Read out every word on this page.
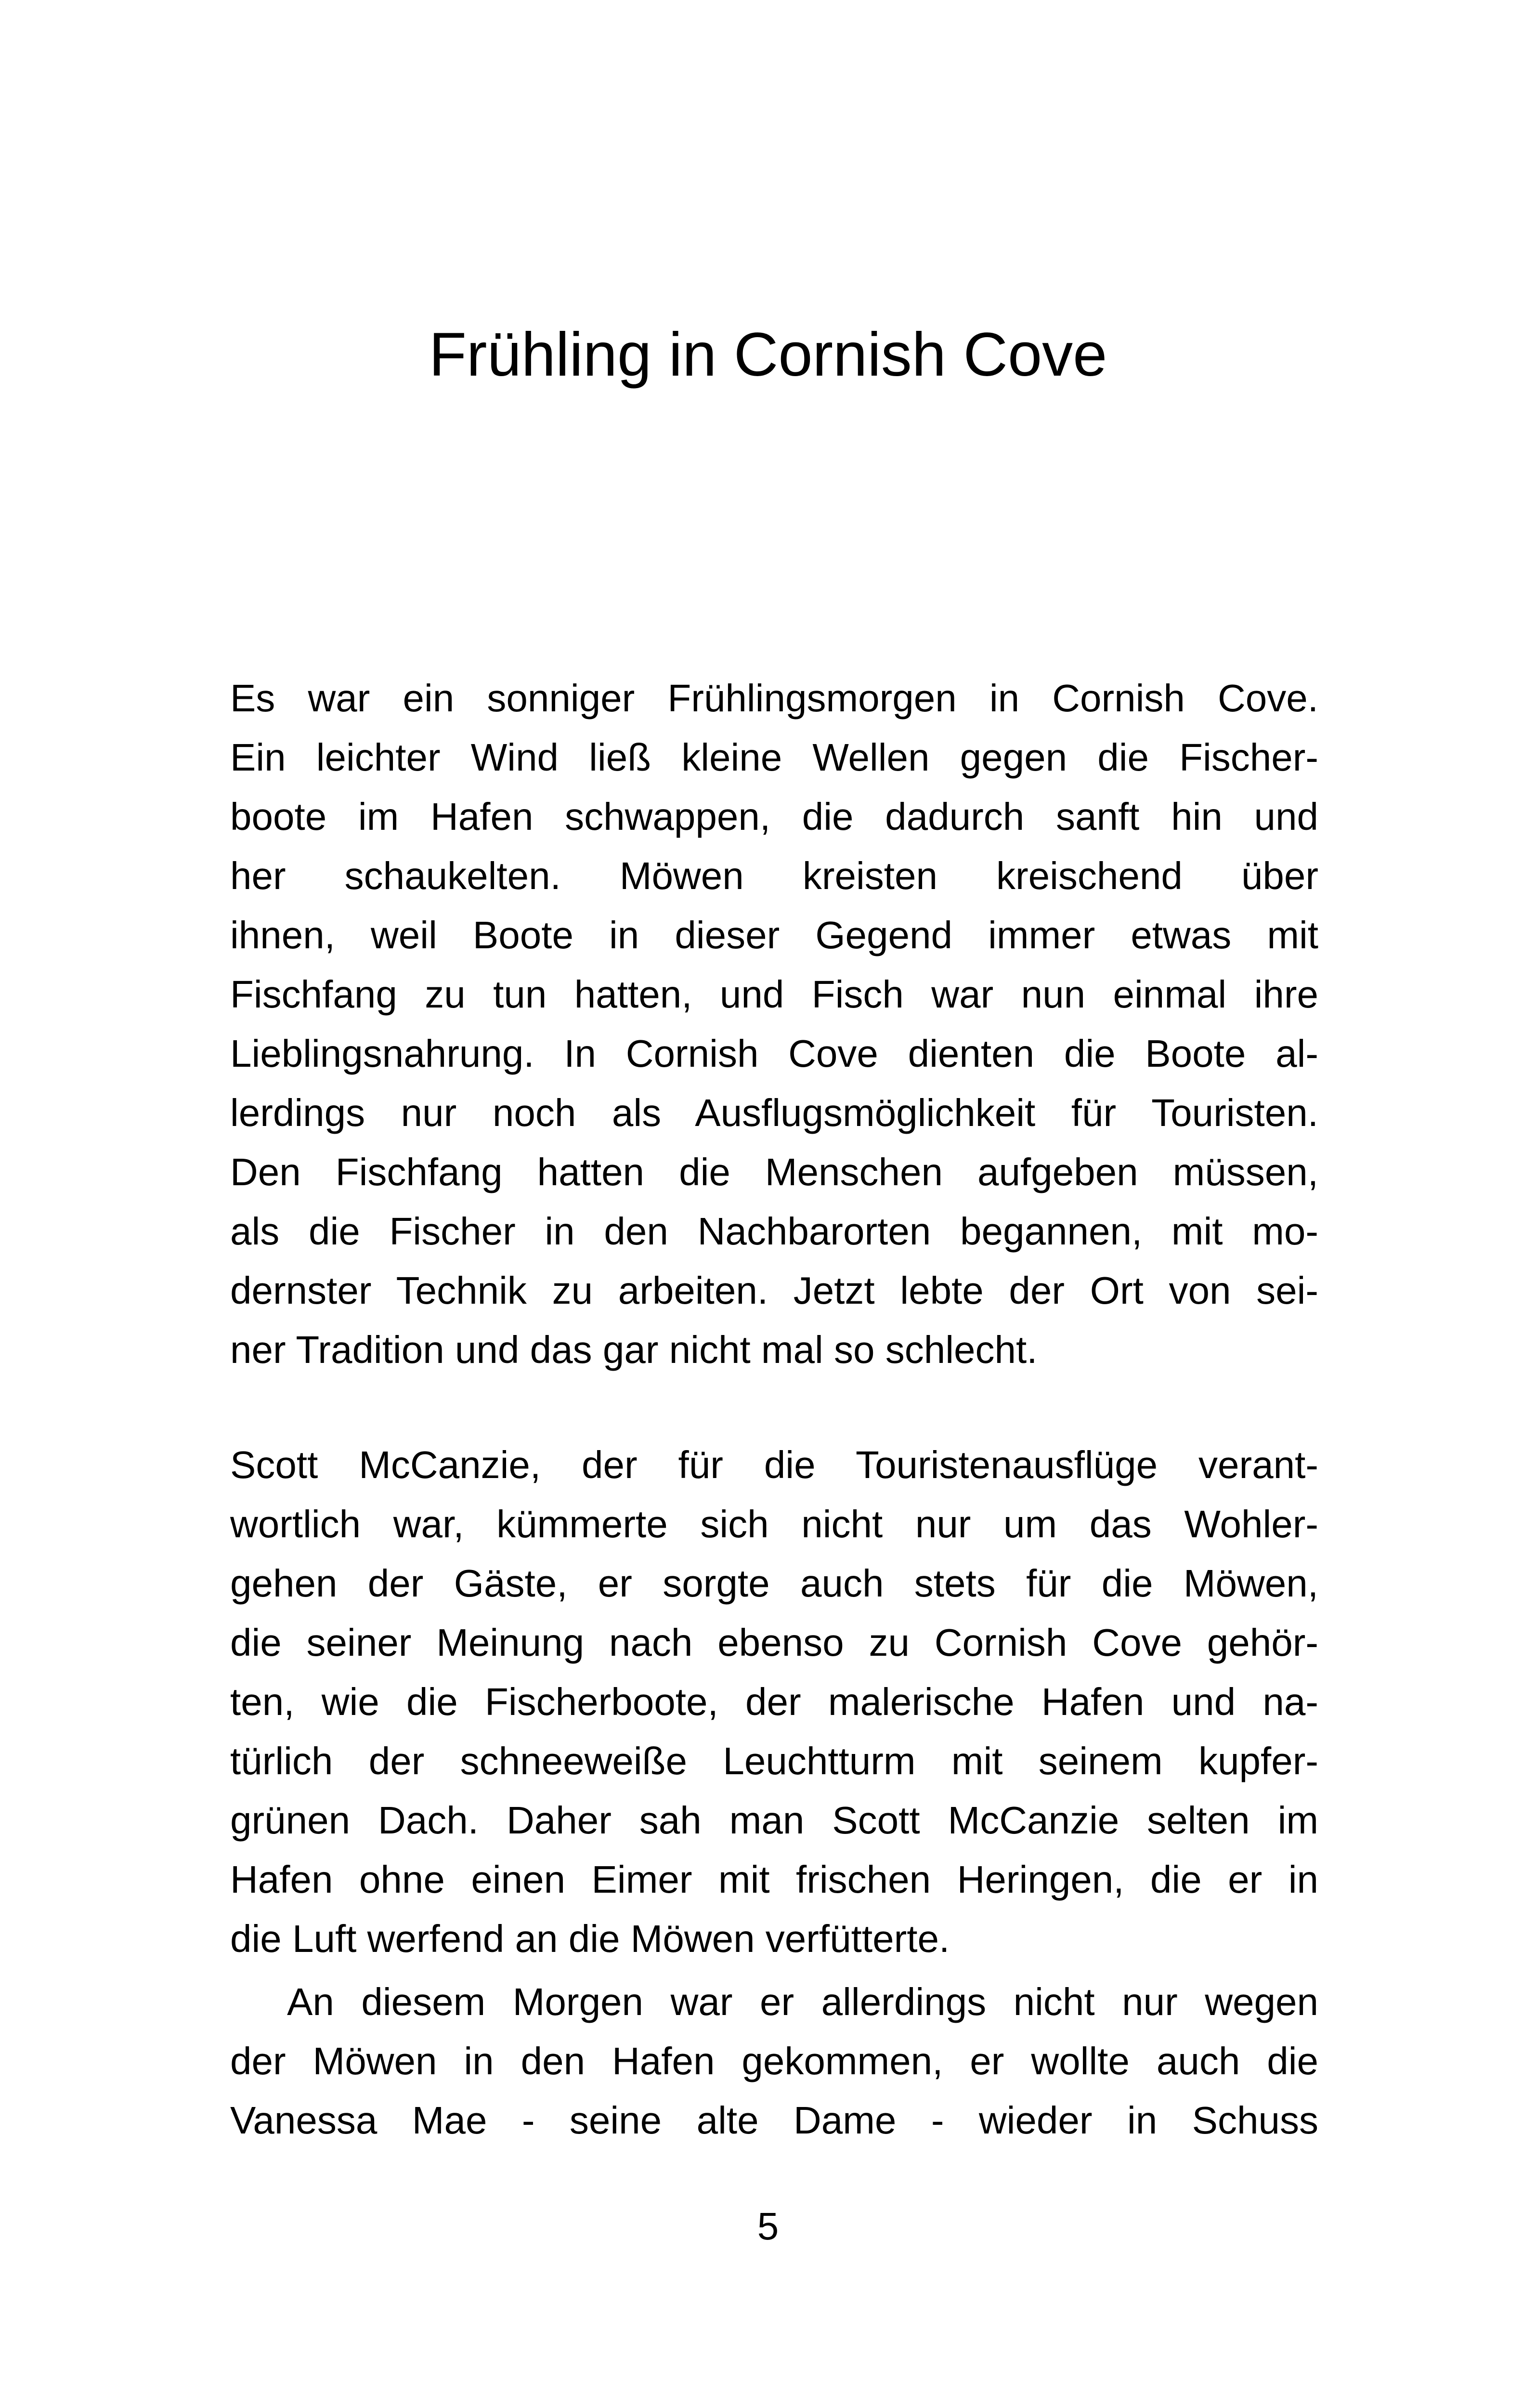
Frühling in Cornish Cove
Es war ein sonniger Frühlingsmorgen in Cornish Cove.
Ein leichter Wind ließ kleine Wellen gegen die Fischer-
boote im Hafen schwappen, die dadurch sanft hin und
her schaukelten. Möwen kreisten kreischend über
ihnen, weil Boote in dieser Gegend immer etwas mit
Fischfang zu tun hatten, und Fisch war nun einmal ihre
Lieblingsnahrung. In Cornish Cove dienten die Boote al-
lerdings nur noch als Ausflugsmöglichkeit für Touristen.
Den Fischfang hatten die Menschen aufgeben müssen,
als die Fischer in den Nachbarorten begannen, mit mo-
dernster Technik zu arbeiten. Jetzt lebte der Ort von sei-
ner Tradition und das gar nicht mal so schlecht.
Scott McCanzie, der für die Touristenausflüge verant-
wortlich war, kümmerte sich nicht nur um das Wohler-
gehen der Gäste, er sorgte auch stets für die Möwen,
die seiner Meinung nach ebenso zu Cornish Cove gehör-
ten, wie die Fischerboote, der malerische Hafen und na-
türlich der schneeweiße Leuchtturm mit seinem kupfer-
grünen Dach. Daher sah man Scott McCanzie selten im
Hafen ohne einen Eimer mit frischen Heringen, die er in
die Luft werfend an die Möwen verfütterte.
An diesem Morgen war er allerdings nicht nur wegen
der Möwen in den Hafen gekommen, er wollte auch die
Vanessa Mae - seine alte Dame - wieder in Schuss
5
